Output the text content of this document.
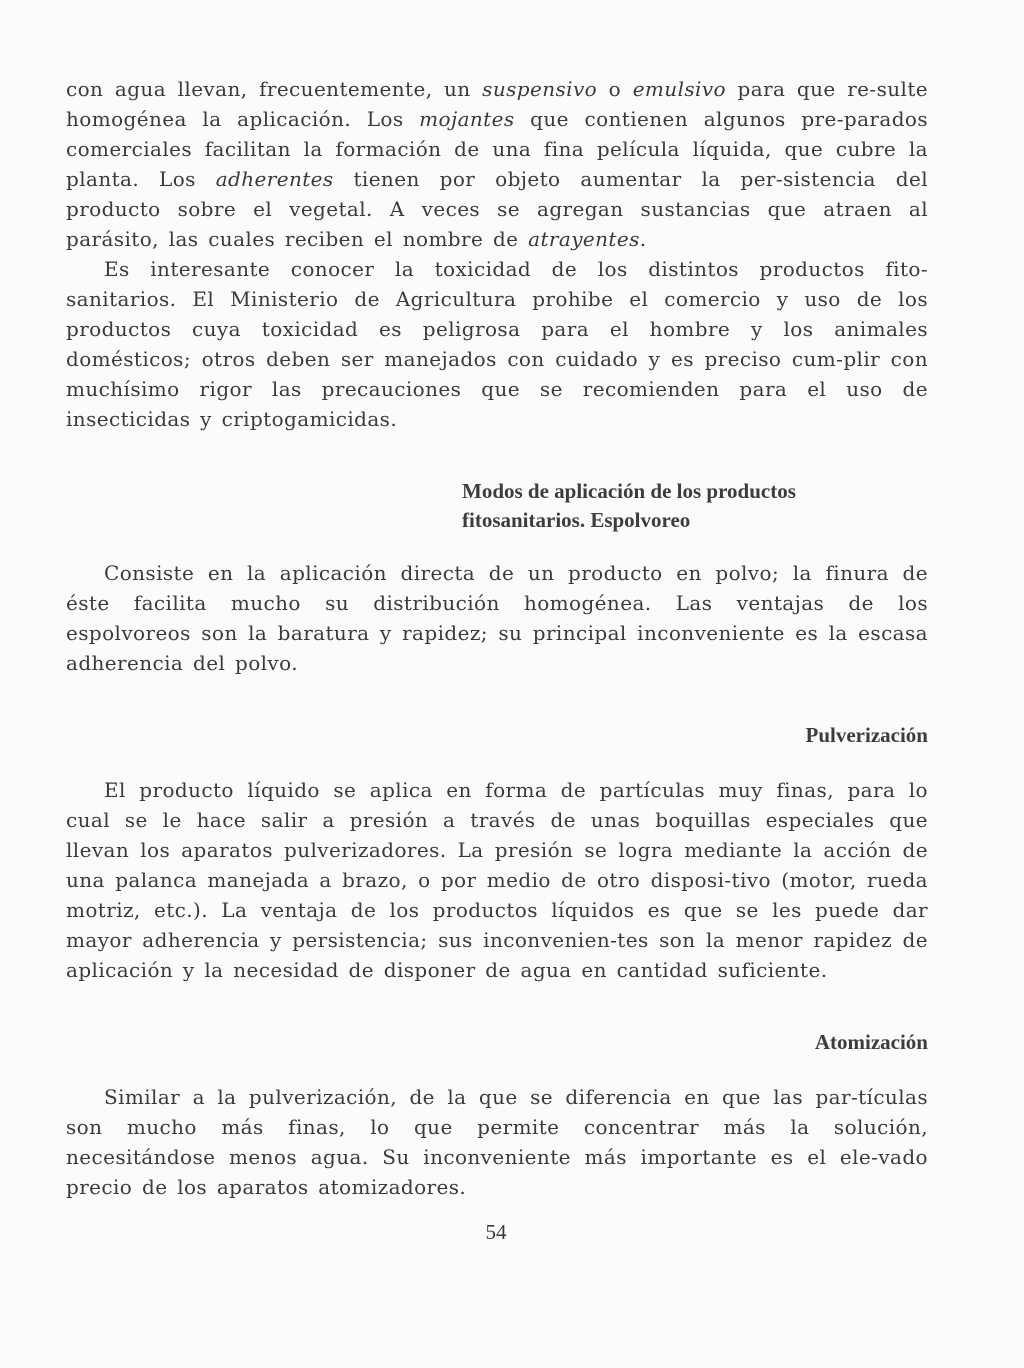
con agua llevan, frecuentemente, un suspensivo o emulsivo para que re-sulte homogénea la aplicación. Los mojantes que contienen algunos pre-parados comerciales facilitan la formación de una fina película líquida, que cubre la planta. Los adherentes tienen por objeto aumentar la per-sistencia del producto sobre el vegetal. A veces se agregan sustancias que atraen al parásito, las cuales reciben el nombre de atrayentes.

Es interesante conocer la toxicidad de los distintos productos fito-sanitarios. El Ministerio de Agricultura prohibe el comercio y uso de los productos cuya toxicidad es peligrosa para el hombre y los animales domésticos; otros deben ser manejados con cuidado y es preciso cum-plir con muchísimo rigor las precauciones que se recomienden para el uso de insecticidas y criptogamicidas.

Modos de aplicación de los productos
fitosanitarios. Espolvoreo

Consiste en la aplicación directa de un producto en polvo; la finura de éste facilita mucho su distribución homogénea. Las ventajas de los espolvoreos son la baratura y rapidez; su principal inconveniente es la escasa adherencia del polvo.

Pulverización

El producto líquido se aplica en forma de partículas muy finas, para lo cual se le hace salir a presión a través de unas boquillas especiales que llevan los aparatos pulverizadores. La presión se logra mediante la acción de una palanca manejada a brazo, o por medio de otro disposi-tivo (motor, rueda motriz, etc.). La ventaja de los productos líquidos es que se les puede dar mayor adherencia y persistencia; sus inconvenien-tes son la menor rapidez de aplicación y la necesidad de disponer de agua en cantidad suficiente.

Atomización

Similar a la pulverización, de la que se diferencia en que las par-tículas son mucho más finas, lo que permite concentrar más la solución, necesitándose menos agua. Su inconveniente más importante es el ele-vado precio de los aparatos atomizadores.

54
